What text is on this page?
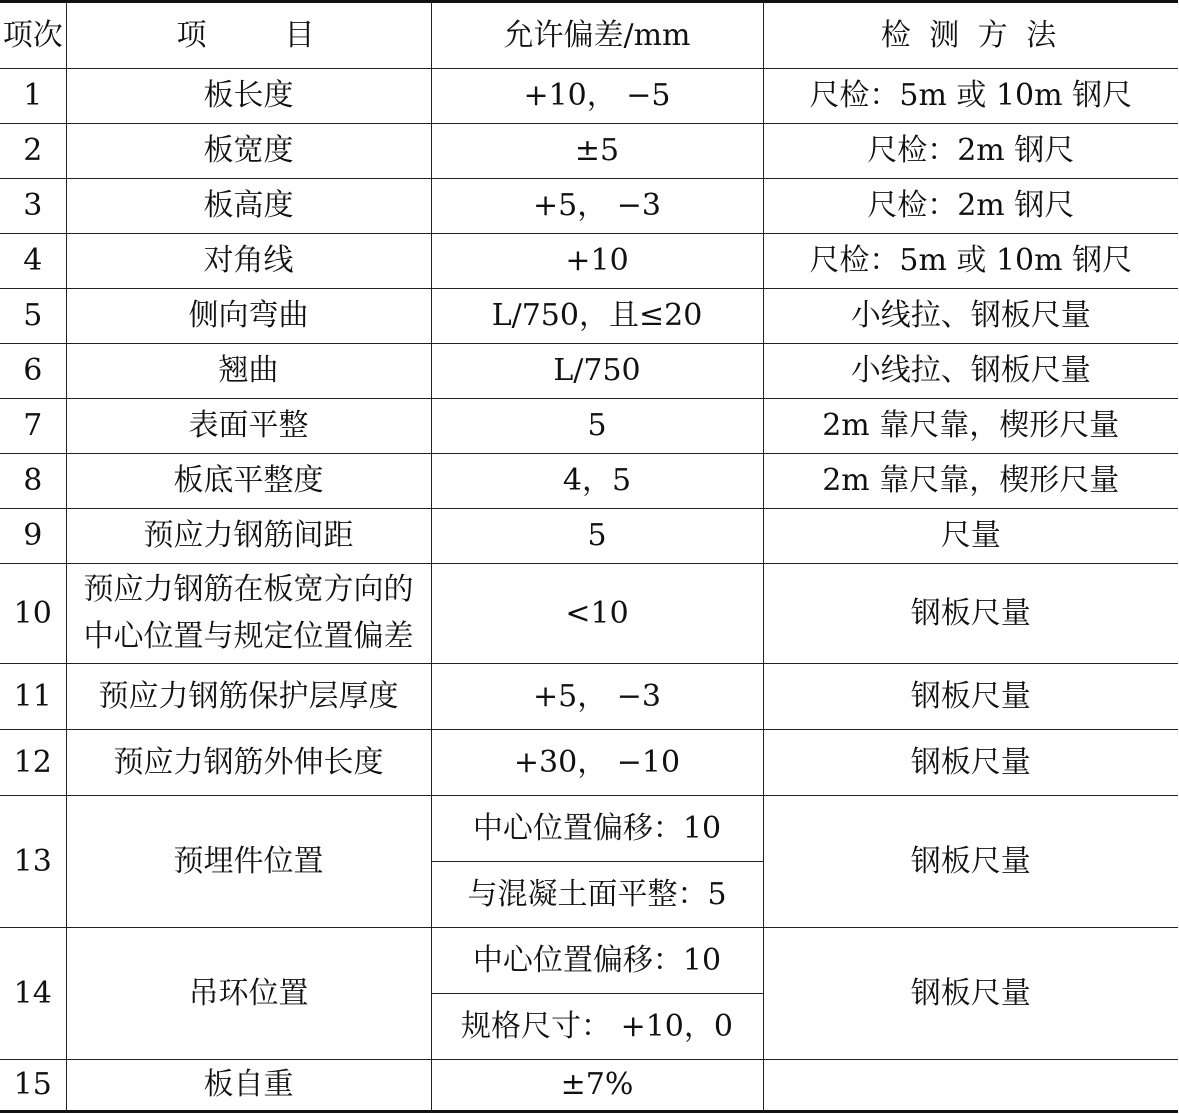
项次	项　　目	允许偏差/mm	检 测 方 法
1	板长度	+10， −5	尺检：5m 或 10m 钢尺
2	板宽度	±5	尺检：2m 钢尺
3	板高度	+5， −3	尺检：2m 钢尺
4	对角线	+10	尺检：5m 或 10m 钢尺
5	侧向弯曲	L/750，且≤20	小线拉、钢板尺量
6	翘曲	L/750	小线拉、钢板尺量
7	表面平整	5	2m 靠尺靠，楔形尺量
8	板底平整度	4，5	2m 靠尺靠，楔形尺量
9	预应力钢筋间距	5	尺量
10	预应力钢筋在板宽方向的
中心位置与规定位置偏差	<10	钢板尺量
11	预应力钢筋保护层厚度	+5， −3	钢板尺量
12	预应力钢筋外伸长度	+30， −10	钢板尺量
13	预埋件位置	中心位置偏移：10	钢板尺量
		与混凝土面平整：5	
14	吊环位置	中心位置偏移：10	钢板尺量
		规格尺寸： +10，0	
15	板自重	±7%	
